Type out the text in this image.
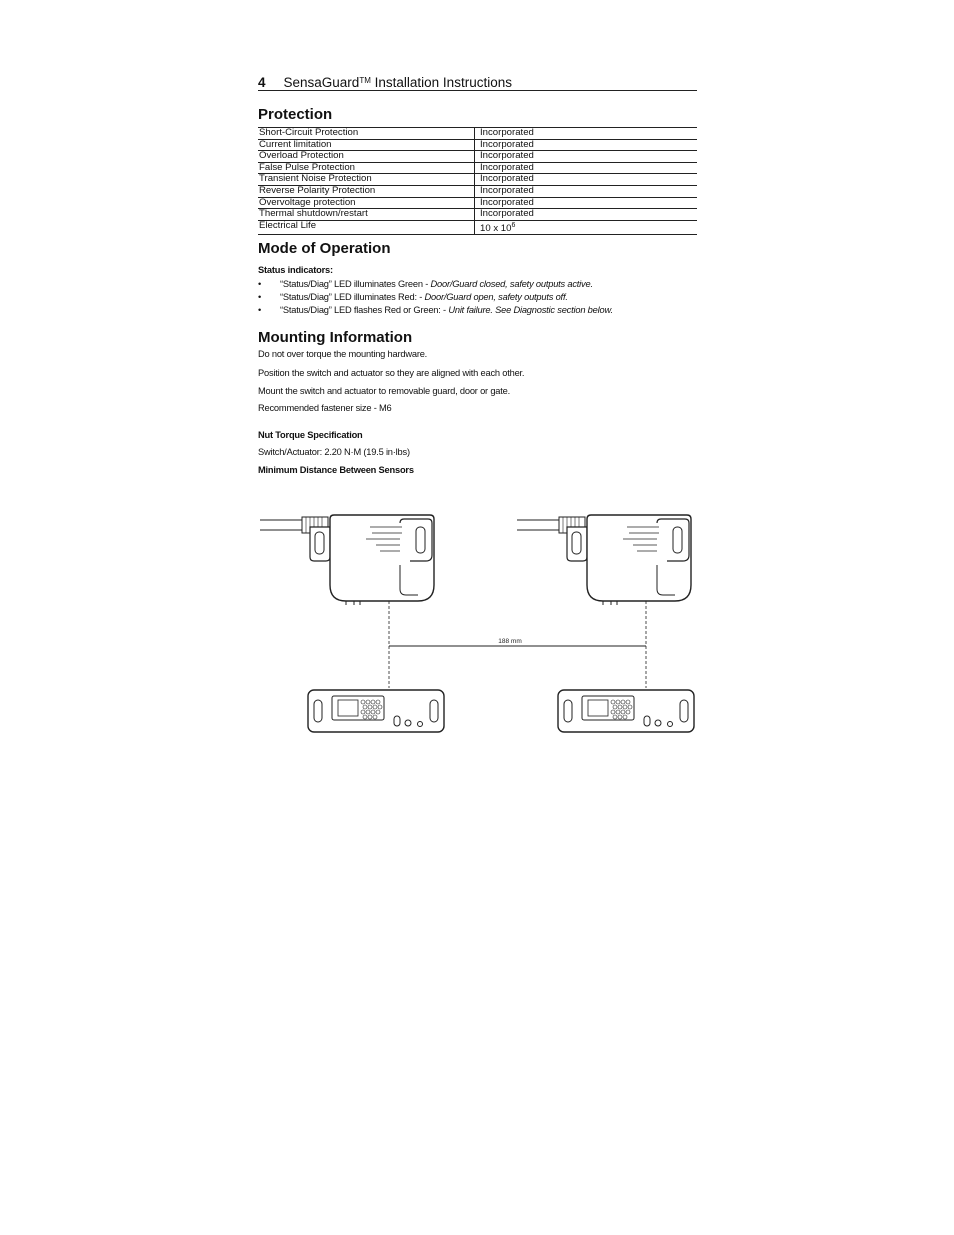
4 SensaGuard™ Installation Instructions
Protection
Short-Circuit Protection	Incorporated
Current limitation	Incorporated
Overload Protection	Incorporated
False Pulse Protection	Incorporated
Transient Noise Protection	Incorporated
Reverse Polarity Protection	Incorporated
Overvoltage protection	Incorporated
Thermal shutdown/restart	Incorporated
Electrical Life	10 x $10^6$
Mode of Operation
Status indicators:
• “Status/Diag” LED illuminates Green - Door/Guard closed, safety outputs active.
• “Status/Diag” LED illuminates Red: - Door/Guard open, safety outputs off.
• “Status/Diag” LED flashes Red or Green: - Unit failure. See Diagnostic section below.
Mounting Information
Do not over torque the mounting hardware.
Position the switch and actuator so they are aligned with each other.
Mount the switch and actuator to removable guard, door or gate.
Recommended fastener size - M6
Nut Torque Specification
Switch/Actuator: 2.20 N·M (19.5 in·lbs)
Minimum Distance Between Sensors
188 mm
